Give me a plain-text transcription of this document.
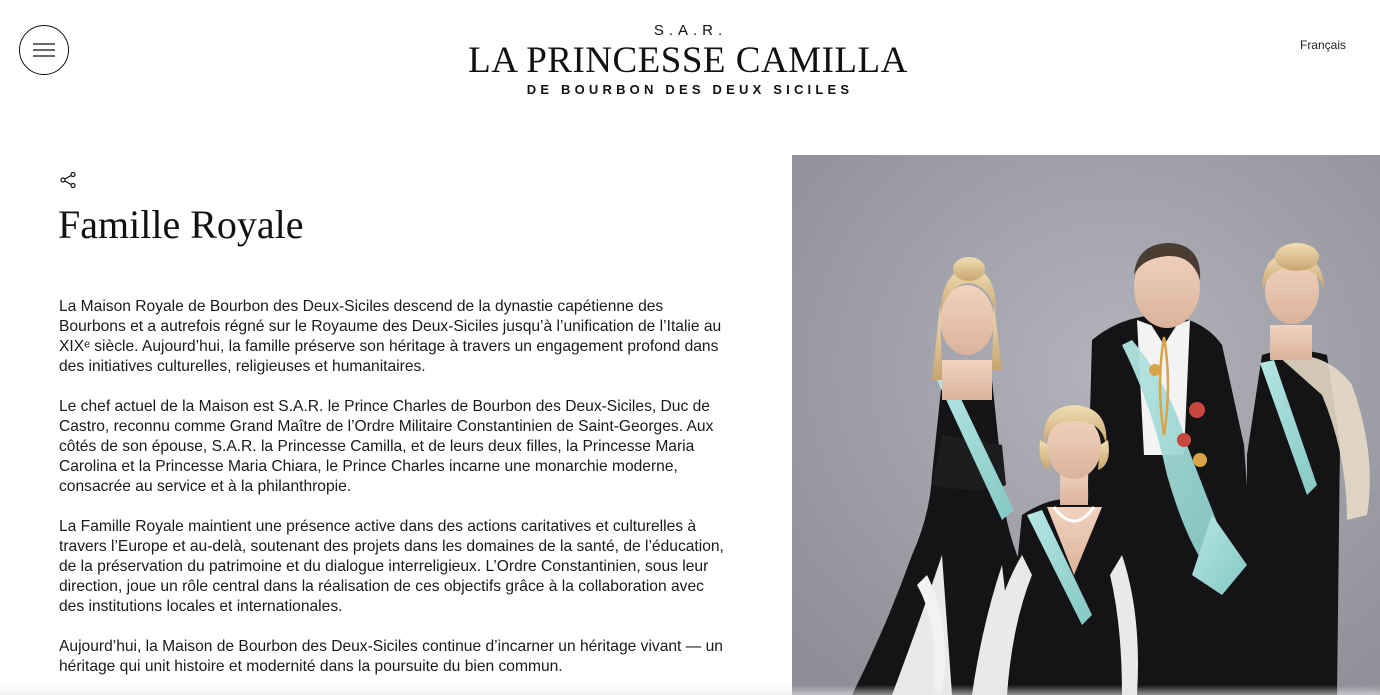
S.A.R.
LA PRINCESSE CAMILLA
DE BOURBON DES DEUX SICILES
Français
Famille Royale

La Maison Royale de Bourbon des Deux-Siciles descend de la dynastie capétienne des Bourbons et a autrefois régné sur le Royaume des Deux-Siciles jusqu’à l’unification de l’Italie au XIXᵉ siècle. Aujourd’hui, la famille préserve son héritage à travers un engagement profond dans des initiatives culturelles, religieuses et humanitaires.

Le chef actuel de la Maison est S.A.R. le Prince Charles de Bourbon des Deux-Siciles, Duc de Castro, reconnu comme Grand Maître de l’Ordre Militaire Constantinien de Saint-Georges. Aux côtés de son épouse, S.A.R. la Princesse Camilla, et de leurs deux filles, la Princesse Maria Carolina et la Princesse Maria Chiara, le Prince Charles incarne une monarchie moderne, consacrée au service et à la philanthropie.

La Famille Royale maintient une présence active dans des actions caritatives et culturelles à travers l’Europe et au-delà, soutenant des projets dans les domaines de la santé, de l’éducation, de la préservation du patrimoine et du dialogue interreligieux. L’Ordre Constantinien, sous leur direction, joue un rôle central dans la réalisation de ces objectifs grâce à la collaboration avec des institutions locales et internationales.

Aujourd’hui, la Maison de Bourbon des Deux-Siciles continue d’incarner un héritage vivant — un héritage qui unit histoire et modernité dans la poursuite du bien commun.
